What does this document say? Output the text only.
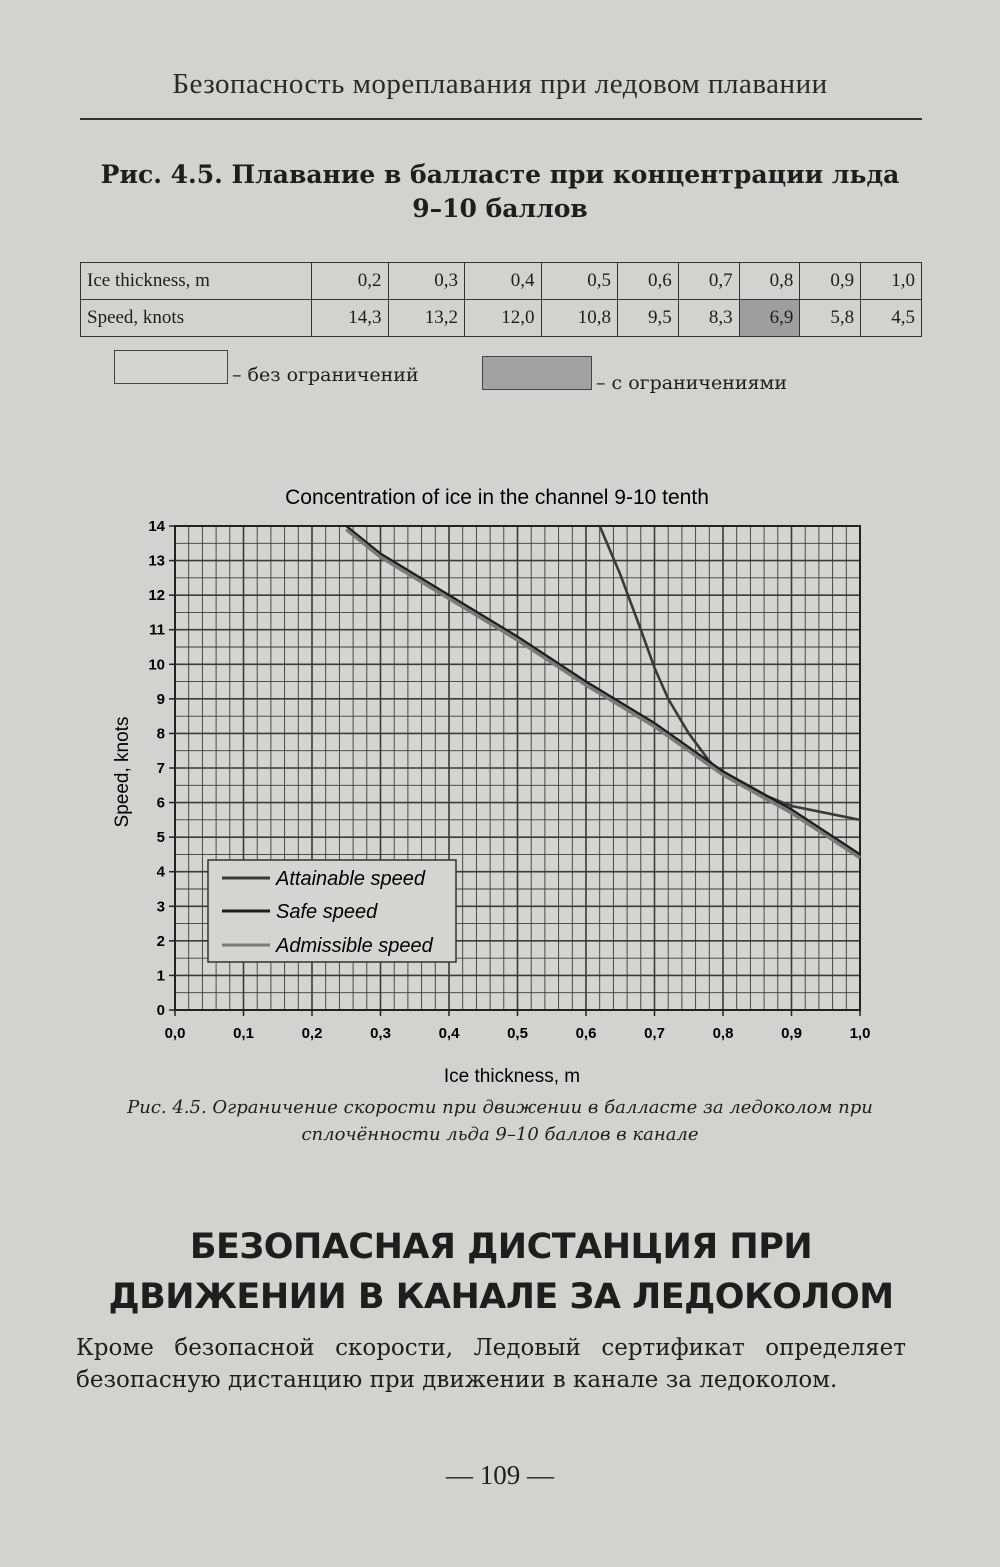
Безопасность мореплавания при ледовом плавании
Рис. 4.5. Плавание в балласте при концентрации льда
9–10 баллов
Ice thickness, m	0,2	0,3	0,4	0,5	0,6	0,7	0,8	0,9	1,0
Speed, knots	14,3	13,2	12,0	10,8	9,5	8,3	6,9	5,8	4,5
– без ограничений	– с ограничениями
Concentration of ice in the channel 9-10 tenth
0
1
2
3
4
5
6
7
8
9
10
11
12
13
14
0,0	0,1	0,2	0,3	0,4	0,5	0,6	0,7	0,8	0,9	1,0
Speed, knots
Ice thickness, m
Attainable speed
Safe speed
Admissible speed
Рис. 4.5. Ограничение скорости при движении в балласте за ледоколом при сплочённости льда 9–10 баллов в канале
БЕЗОПАСНАЯ ДИСТАНЦИЯ ПРИ ДВИЖЕНИИ В КАНАЛЕ ЗА ЛЕДОКОЛОМ
Кроме безопасной скорости, Ледовый сертификат определяет безопасную дистанцию при движении в канале за ледоколом.
— 109 —
